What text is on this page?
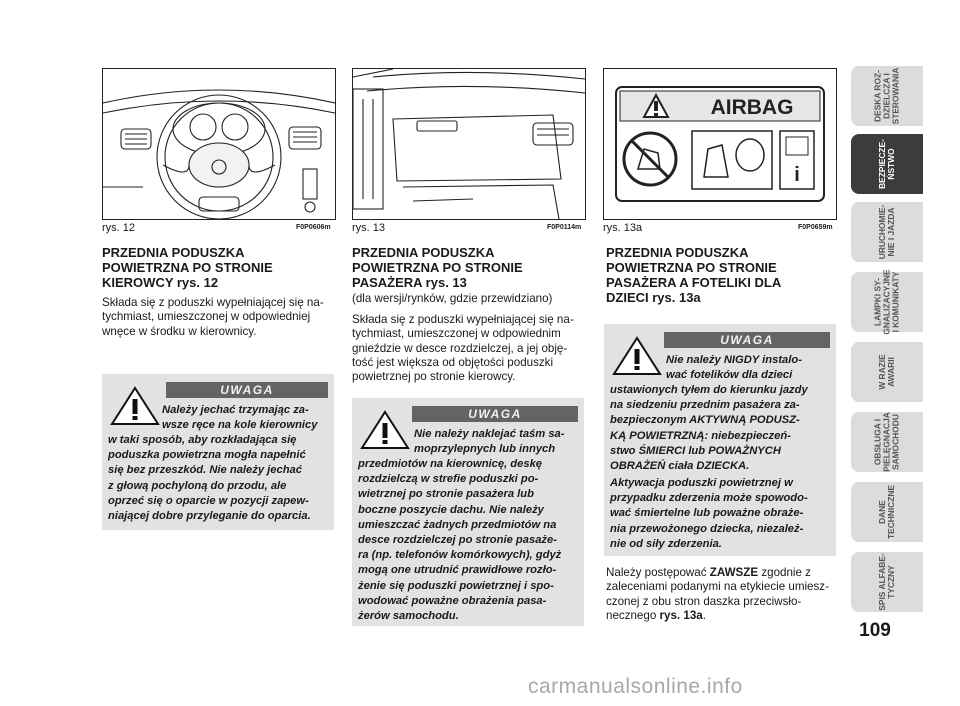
rys. 12	F0P0606m rys. 13	F0P0114m
AIRBAG
i
rys. 13a	F0P0659m
PRZEDNIA PODUSZKA
POWIETRZNA PO STRONIE
KIEROWCY rys. 12
Składa się z poduszki wypełniającej się na-
tychmiast, umieszczonej w odpowiedniej
wnęce w środku w kierownicy.
UWAGA
Należy jechać trzymając za-
wsze ręce na kole kierownicy
w taki sposób, aby rozkładająca się
poduszka powietrzna mogła napełnić
się bez przeszkód. Nie należy jechać
z głową pochyloną do przodu, ale
oprzeć się o oparcie w pozycji zapew-
niającej dobre przyleganie do oparcia.
PRZEDNIA PODUSZKA
POWIETRZNA PO STRONIE
PASAŻERA rys. 13
(dla wersji/rynków, gdzie przewidziano)
Składa się z poduszki wypełniającej się na-
tychmiast, umieszczonej w odpowiednim
gnieździe w desce rozdzielczej, a jej obję-
tość jest większa od objętości poduszki
powietrznej po stronie kierowcy.
UWAGA
Nie należy naklejać taśm sa-
moprzylepnych lub innych
przedmiotów na kierownicę, deskę
rozdzielczą w strefie poduszki po-
wietrznej po stronie pasażera lub
boczne poszycie dachu. Nie należy
umieszczać żadnych przedmiotów na
desce rozdzielczej po stronie pasaże-
ra (np. telefonów komórkowych), gdyż
mogą one utrudnić prawidłowe rozło-
żenie się poduszki powietrznej i spo-
wodować poważne obrażenia pasa-
żerów samochodu.
PRZEDNIA PODUSZKA
POWIETRZNA PO STRONIE
PASAŻERA A FOTELIKI DLA
DZIECI rys. 13a
UWAGA
Nie należy NIGDY instalo-
wać fotelików dla dzieci
ustawionych tyłem do kierunku jazdy
na siedzeniu przednim pasażera za-
bezpieczonym AKTYWNĄ PODUSZ-
KĄ POWIETRZNĄ: niebezpieczeń-
stwo ŚMIERCI lub POWAŻNYCH
OBRAŻEŃ ciała DZIECKA.
Aktywacja poduszki powietrznej w
przypadku zderzenia może spowodo-
wać śmiertelne lub poważne obraże-
nia przewożonego dziecka, niezależ-
nie od siły zderzenia.
Należy postępować ZAWSZE zgodnie z
zaleceniami podanymi na etykiecie umiesz-
czonej z obu stron daszka przeciwsło-
necznego rys. 13a.
DESKA ROZ-
DZIELCZA I
STEROWANIA
BEZPIECZE-
ŃSTWO
URUCHOMIE-
NIE I JAZDA
LAMPKI SY-
GNALIZACYJNE
I KOMUNIKATY
W RAZIE
AWARII
OBSŁUGA I
PIELĘGNACJA
SAMOCHODU
DANE
TECHNICZNE
SPIS ALFABE-
TYCZNY
109
carmanualsonline.info
